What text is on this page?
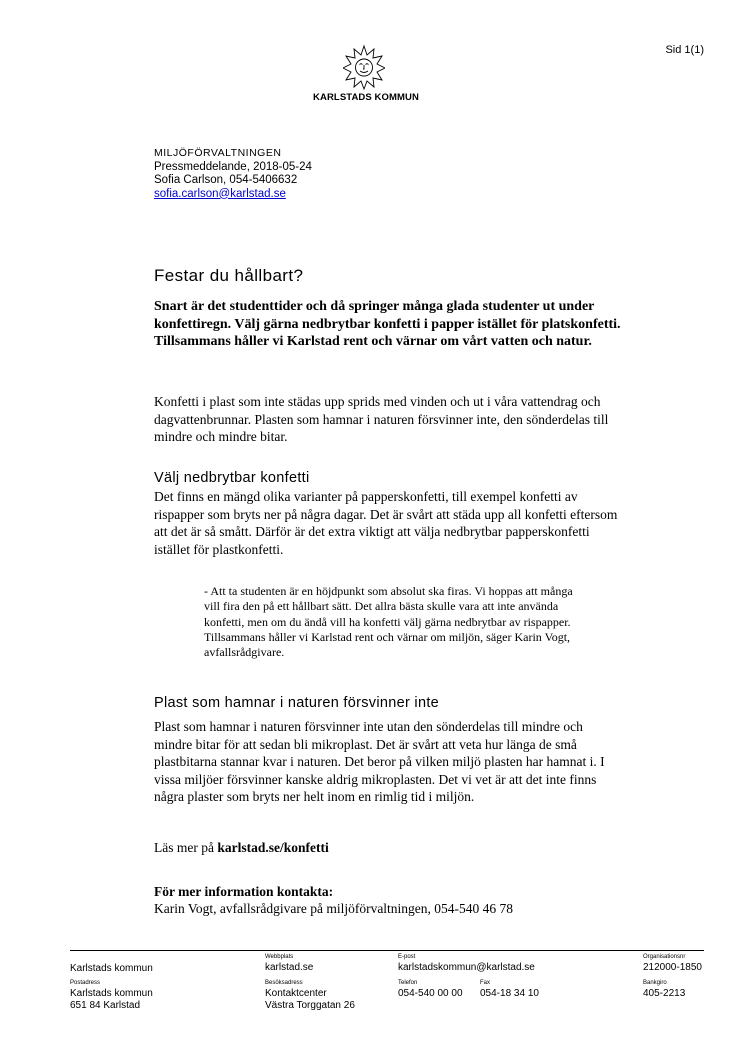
Sid 1(1)
KARLSTADS KOMMUN
MILJÖFÖRVALTNINGEN
Pressmeddelande, 2018-05-24
Sofia Carlson, 054-5406632
sofia.carlson@karlstad.se
Festar du hållbart?
Snart är det studenttider och då springer många glada studenter ut under konfettiregn. Välj gärna nedbrytbar konfetti i papper istället för platskonfetti. Tillsammans håller vi Karlstad rent och värnar om vårt vatten och natur.
Konfetti i plast som inte städas upp sprids med vinden och ut i våra vattendrag och dagvattenbrunnar. Plasten som hamnar i naturen försvinner inte, den sönderdelas till mindre och mindre bitar.
Välj nedbrytbar konfetti
Det finns en mängd olika varianter på papperskonfetti, till exempel konfetti av rispapper som bryts ner på några dagar. Det är svårt att städa upp all konfetti eftersom att det är så smått. Därför är det extra viktigt att välja nedbrytbar papperskonfetti istället för plastkonfetti.
- Att ta studenten är en höjdpunkt som absolut ska firas. Vi hoppas att många vill fira den på ett hållbart sätt. Det allra bästa skulle vara att inte använda konfetti, men om du ändå vill ha konfetti välj gärna nedbrytbar av rispapper. Tillsammans håller vi Karlstad rent och värnar om miljön, säger Karin Vogt, avfallsrådgivare.
Plast som hamnar i naturen försvinner inte
Plast som hamnar i naturen försvinner inte utan den sönderdelas till mindre och mindre bitar för att sedan bli mikroplast. Det är svårt att veta hur länga de små plastbitarna stannar kvar i naturen. Det beror på vilken miljö plasten har hamnat i. I vissa miljöer försvinner kanske aldrig mikroplasten. Det vi vet är att det inte finns några plaster som bryts ner helt inom en rimlig tid i miljön.
Läs mer på karlstad.se/konfetti
För mer information kontakta:
Karin Vogt, avfallsrådgivare på miljöförvaltningen, 054-540 46 78
Karlstads kommun
Webbplats
karlstad.se
E-post
karlstadskommun@karlstad.se
Organisationsnr
212000-1850
Postadress
Karlstads kommun
651 84 Karlstad
Besöksadress
Kontaktcenter
Västra Torggatan 26
Telefon
054-540 00 00
Fax
054-18 34 10
Bankgiro
405-2213
